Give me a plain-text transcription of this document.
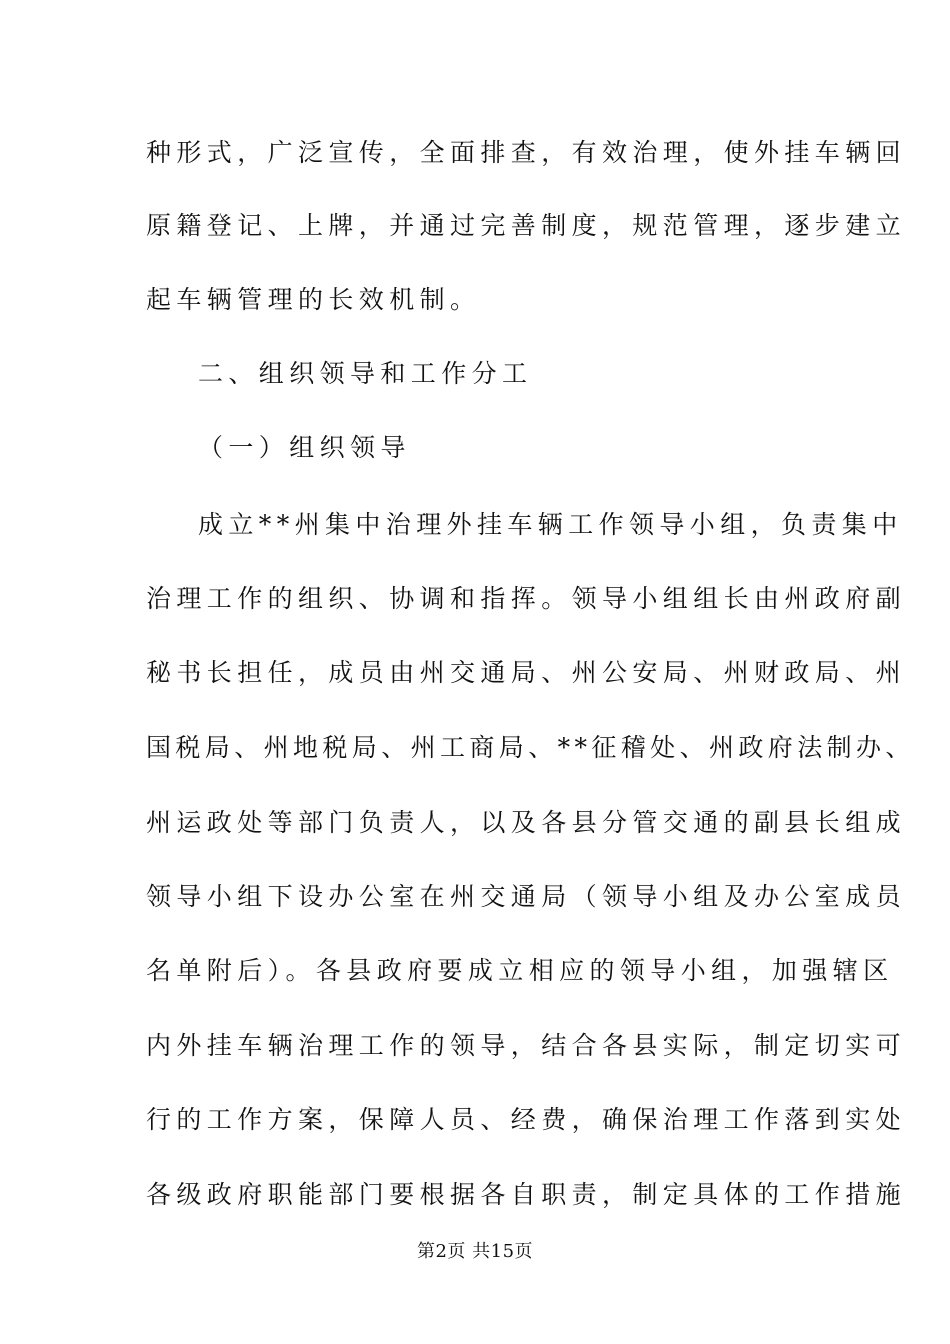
种形式，广泛宣传，全面排查，有效治理，使外挂车辆回
原籍登记、上牌，并通过完善制度，规范管理，逐步建立
起车辆管理的长效机制。
二、组织领导和工作分工
（一）组织领导
成立**州集中治理外挂车辆工作领导小组，负责集中
治理工作的组织、协调和指挥。领导小组组长由州政府副
秘书长担任，成员由州交通局、州公安局、州财政局、州
国税局、州地税局、州工商局、**征稽处、州政府法制办、
州运政处等部门负责人，以及各县分管交通的副县长组成
领导小组下设办公室在州交通局（领导小组及办公室成员
名单附后）。各县政府要成立相应的领导小组，加强辖区
内外挂车辆治理工作的领导，结合各县实际，制定切实可
行的工作方案，保障人员、经费，确保治理工作落到实处
各级政府职能部门要根据各自职责，制定具体的工作措施
第2页 共15页
